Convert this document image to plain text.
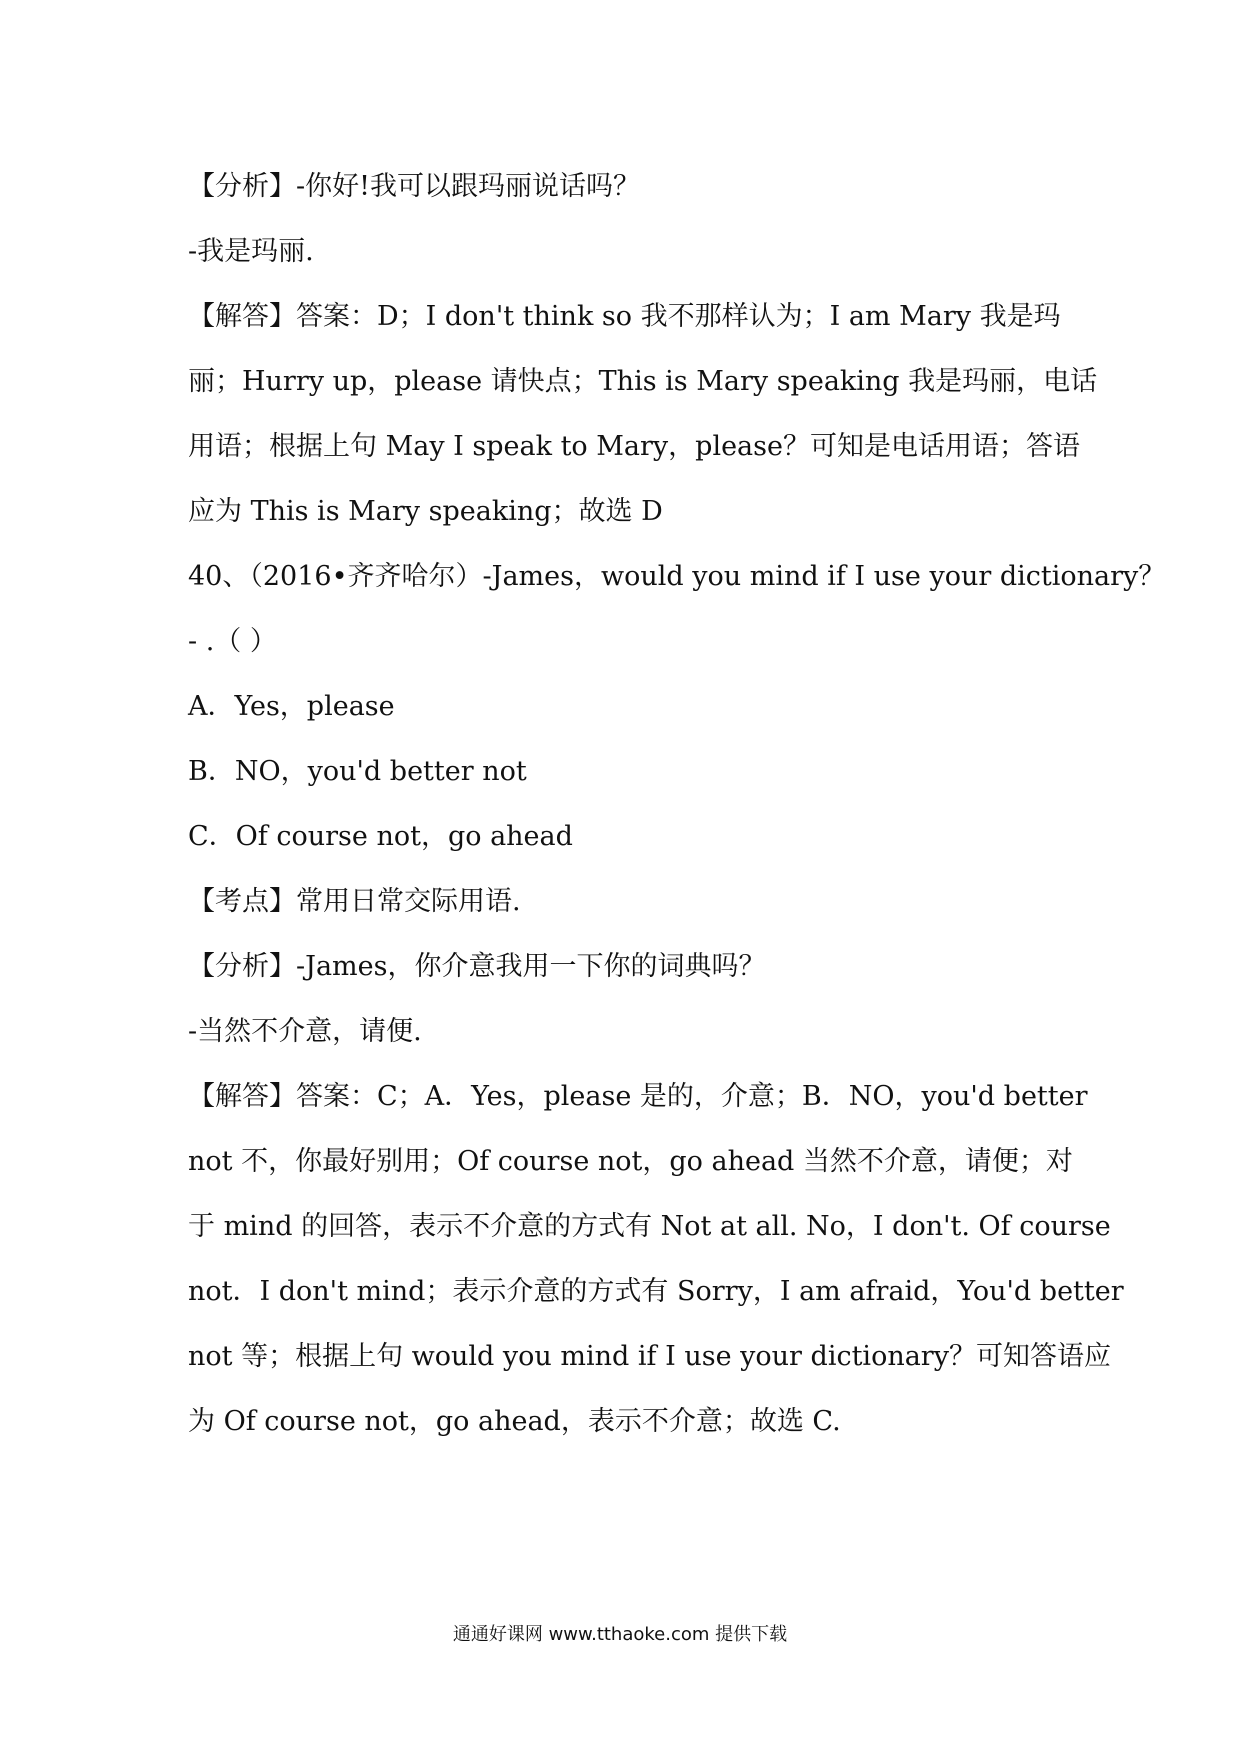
【分析】-你好!我可以跟玛丽说话吗？
-我是玛丽.
【解答】答案：D；I don't think so 我不那样认为；I am Mary 我是玛
丽；Hurry up，please 请快点；This is Mary speaking 我是玛丽，电话
用语；根据上句 May I speak to Mary，please？可知是电话用语；答语
应为 This is Mary speaking；故选 D
40、（2016•齐齐哈尔）-James，would you mind if I use your dictionary？
- .（ ）
A．Yes，please
B．NO，you'd better not
C．Of course not，go ahead
【考点】常用日常交际用语.
【分析】-James，你介意我用一下你的词典吗？
-当然不介意，请便.
【解答】答案：C；A．Yes，please 是的，介意；B．NO，you'd better
not 不，你最好别用；Of course not，go ahead 当然不介意，请便；对
于 mind 的回答，表示不介意的方式有 Not at all. No，I don't. Of course
not．I don't mind；表示介意的方式有 Sorry，I am afraid，You'd better
not 等；根据上句 would you mind if I use your dictionary？可知答语应
为 Of course not，go ahead，表示不介意；故选 C.
通通好课网 www.tthaoke.com 提供下载
